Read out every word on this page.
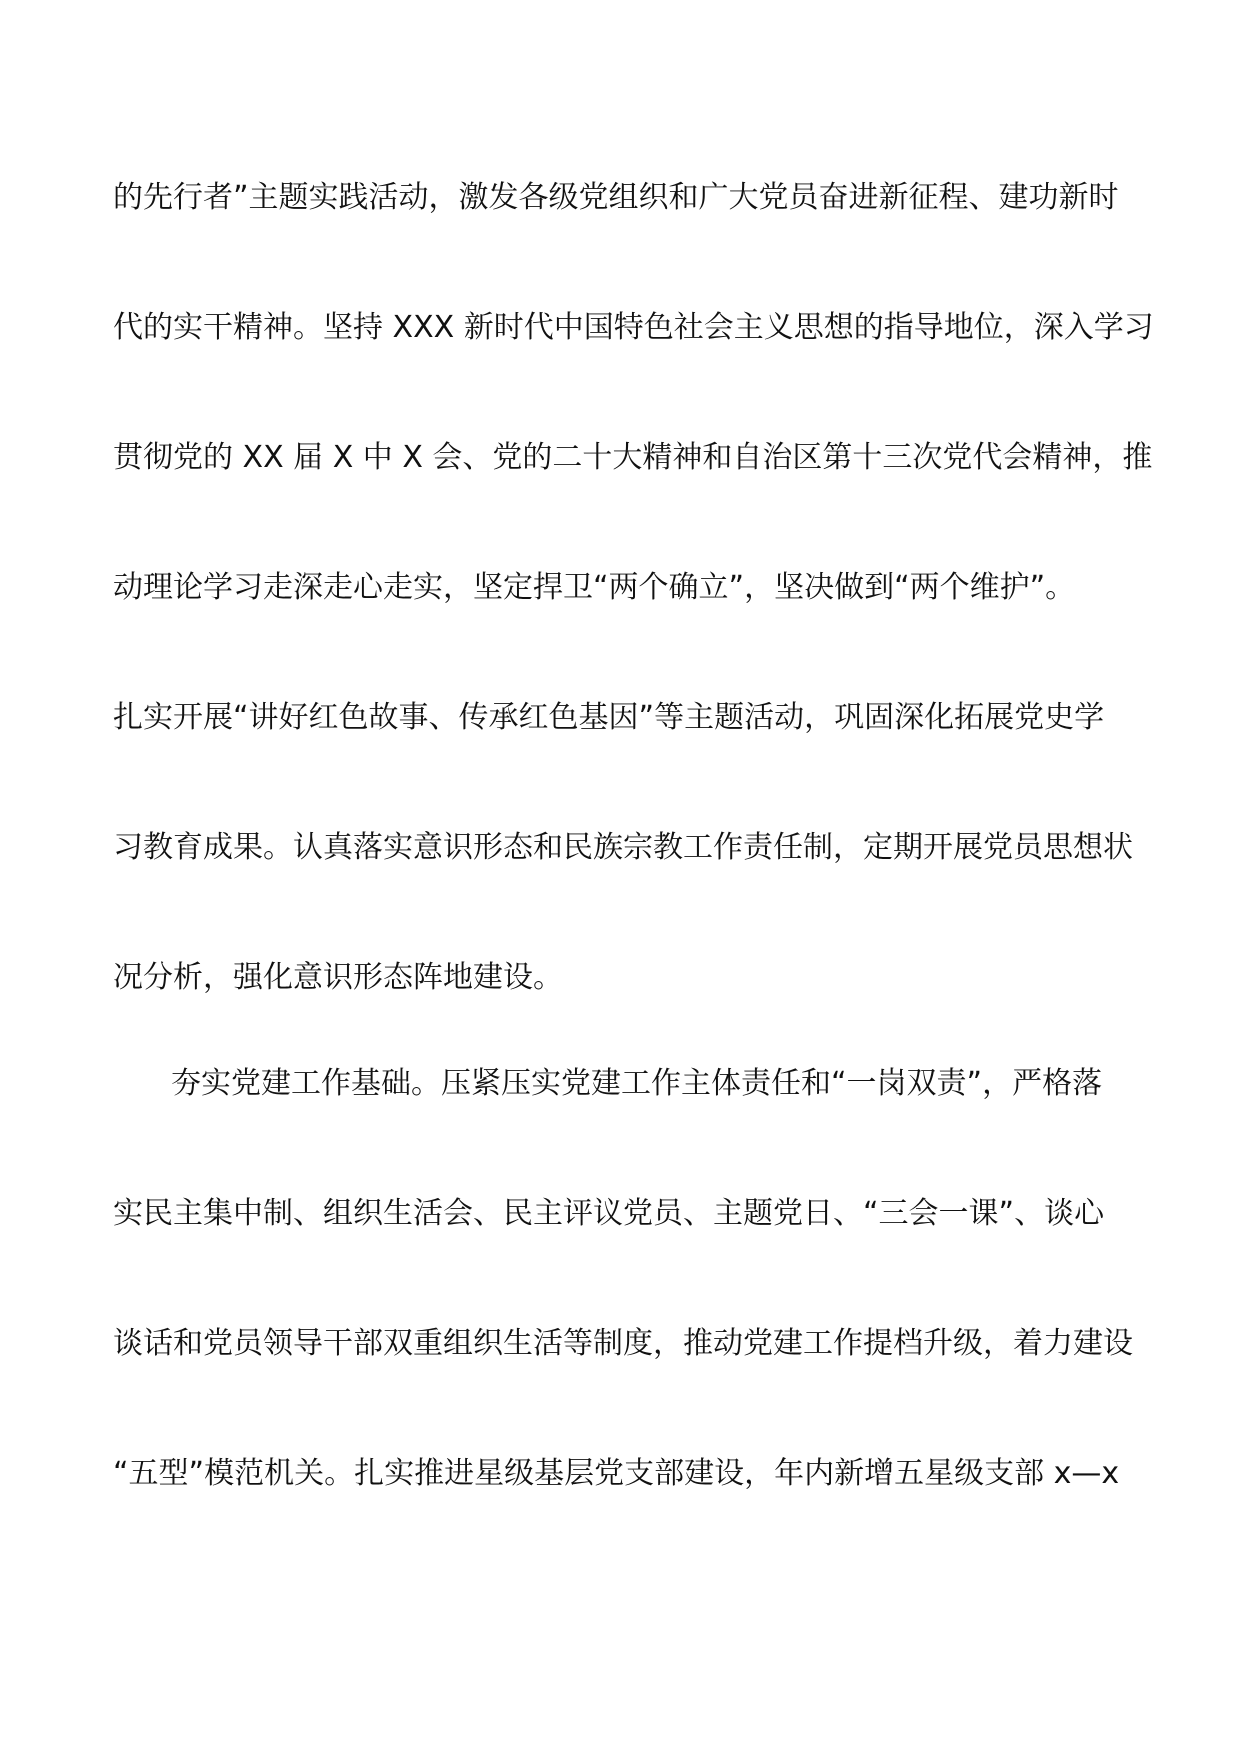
的先行者”主题实践活动，激发各级党组织和广大党员奋进新征程、建功新时
代的实干精神。坚持 XXX 新时代中国特色社会主义思想的指导地位，深入学习
贯彻党的 XX 届 X 中 X 会、党的二十大精神和自治区第十三次党代会精神，推
动理论学习走深走心走实，坚定捍卫“两个确立”，坚决做到“两个维护”。
扎实开展“讲好红色故事、传承红色基因”等主题活动，巩固深化拓展党史学
习教育成果。认真落实意识形态和民族宗教工作责任制，定期开展党员思想状
况分析，强化意识形态阵地建设。
夯实党建工作基础。压紧压实党建工作主体责任和“一岗双责”，严格落
实民主集中制、组织生活会、民主评议党员、主题党日、“三会一课”、谈心
谈话和党员领导干部双重组织生活等制度，推动党建工作提档升级，着力建设
“五型”模范机关。扎实推进星级基层党支部建设，年内新增五星级支部 x—x
